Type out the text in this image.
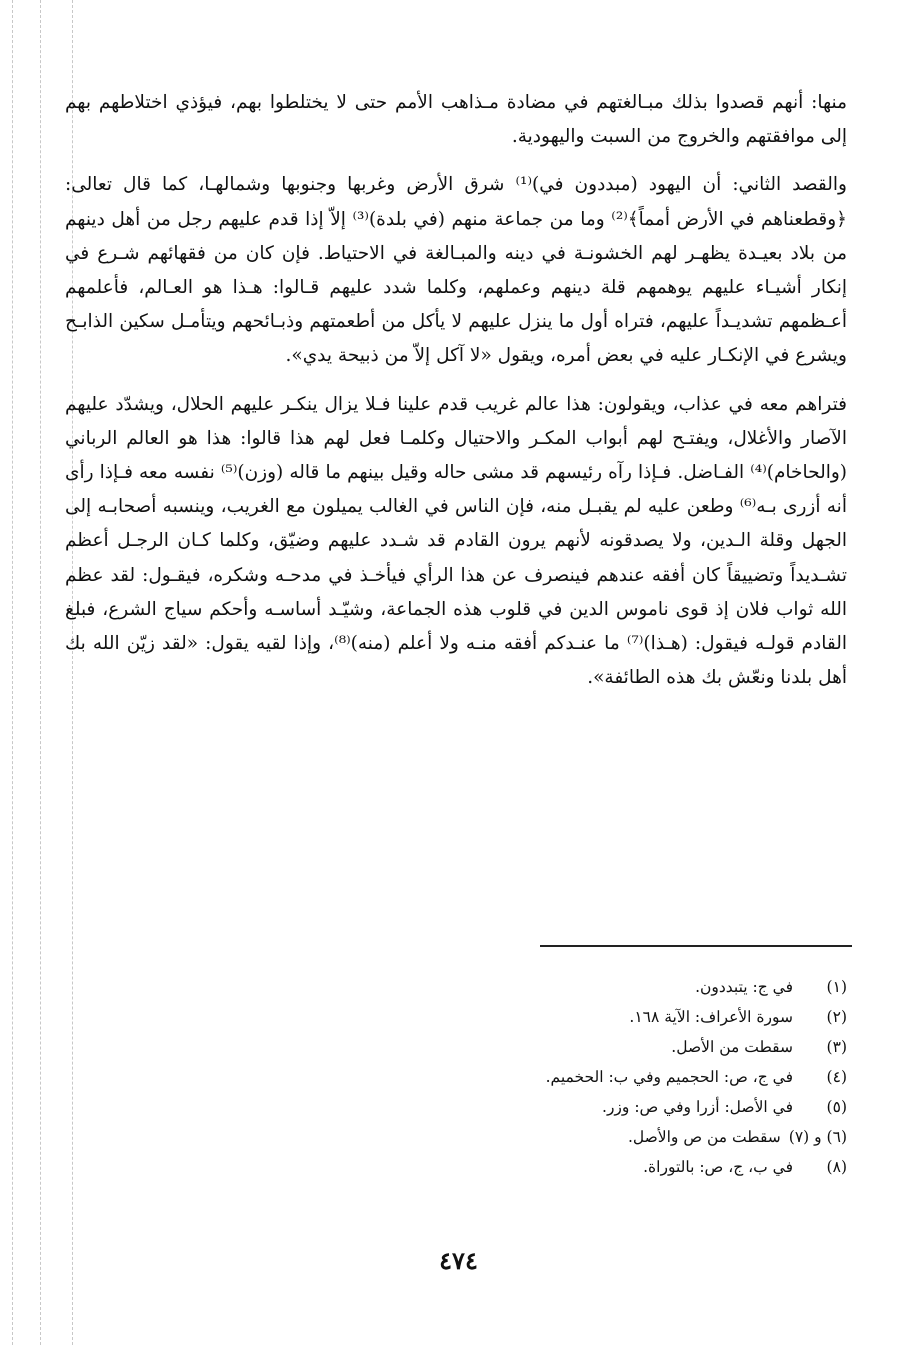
منها: أنهم قصدوا بذلك مبـالغتهم في مضادة مـذاهب الأمم حتى لا يختلطوا بهم، فيؤذي اختلاطهم بهم إلى موافقتهم والخروج من السبت واليهودية.

والقصد الثاني: أن اليهود (مبددون في)⁽¹⁾ شرق الأرض وغربها وجنوبها وشمالهـا، كما قال تعالى: ﴿وقطعناهم في الأرض أمماً﴾⁽²⁾ وما من جماعة منهم (في بلدة)⁽³⁾ إلاّ إذا قدم عليهم رجل من أهل دينهم من بلاد بعيـدة يظهـر لهم الخشونـة في دينه والمبـالغة في الاحتياط. فإن كان من فقهائهم شـرع في إنكار أشيـاء عليهم يوهمهم قلة دينهم وعملهم، وكلما شدد عليهم قـالوا: هـذا هو العـالم، فأعلمهم أعـظمهم تشديـداً عليهم، فتراه أول ما ينزل عليهم لا يأكل من أطعمتهم وذبـائحهم ويتأمـل سكين الذابـح ويشرع في الإنكـار عليه في بعض أمره، ويقول «لا آكل إلاّ من ذبيحة يدي».

فتراهم معه في عذاب، ويقولون: هذا عالم غريب قدم علينا فـلا يزال ينكـر عليهم الحلال، ويشدّد عليهم الآصار والأغلال، ويفتـح لهم أبواب المكـر والاحتيال وكلمـا فعل لهم هذا قالوا: هذا هو العالم الرباني (والحاخام)⁽⁴⁾ الفـاضل. فـإذا رآه رئيسهم قد مشى حاله وقيل بينهم ما قاله (وزن)⁽⁵⁾ نفسه معه فـإذا رأى أنه أزرى بـه⁽⁶⁾ وطعن عليه لم يقبـل منه، فإن الناس في الغالب يميلون مع الغريب، وينسبه أصحابـه إلى الجهل وقلة الـدين، ولا يصدقونه لأنهم يرون القادم قد شـدد عليهم وضيّق، وكلما كـان الرجـل أعظم تشـديداً وتضييقاً كان أفقه عندهم فينصرف عن هذا الرأي فيأخـذ في مدحـه وشكره، فيقـول: لقد عظم الله ثواب فلان إذ قوى ناموس الدين في قلوب هذه الجماعة، وشيّـد أساسـه وأحكم سياج الشرع، فبلغ القادم قولـه فيقول: (هـذا)⁽⁷⁾ ما عنـدكم أفقه منـه ولا أعلم (منه)⁽⁸⁾، وإذا لقيه يقول: «لقد زيّن الله بك أهل بلدنا ونعّش بك هذه الطائفة».

(١)في ج: يتبددون.
(٢)سورة الأعراف: الآية ١٦٨.
(٣)سقطت من الأصل.
(٤)في ج، ص: الحجميم وفي ب: الحخميم.
(٥)في الأصل: أزرا وفي ص: وزر.
(٦) و (٧)سقطت من ص والأصل.
(٨)في ب، ج، ص: بالتوراة.
٤٧٤
